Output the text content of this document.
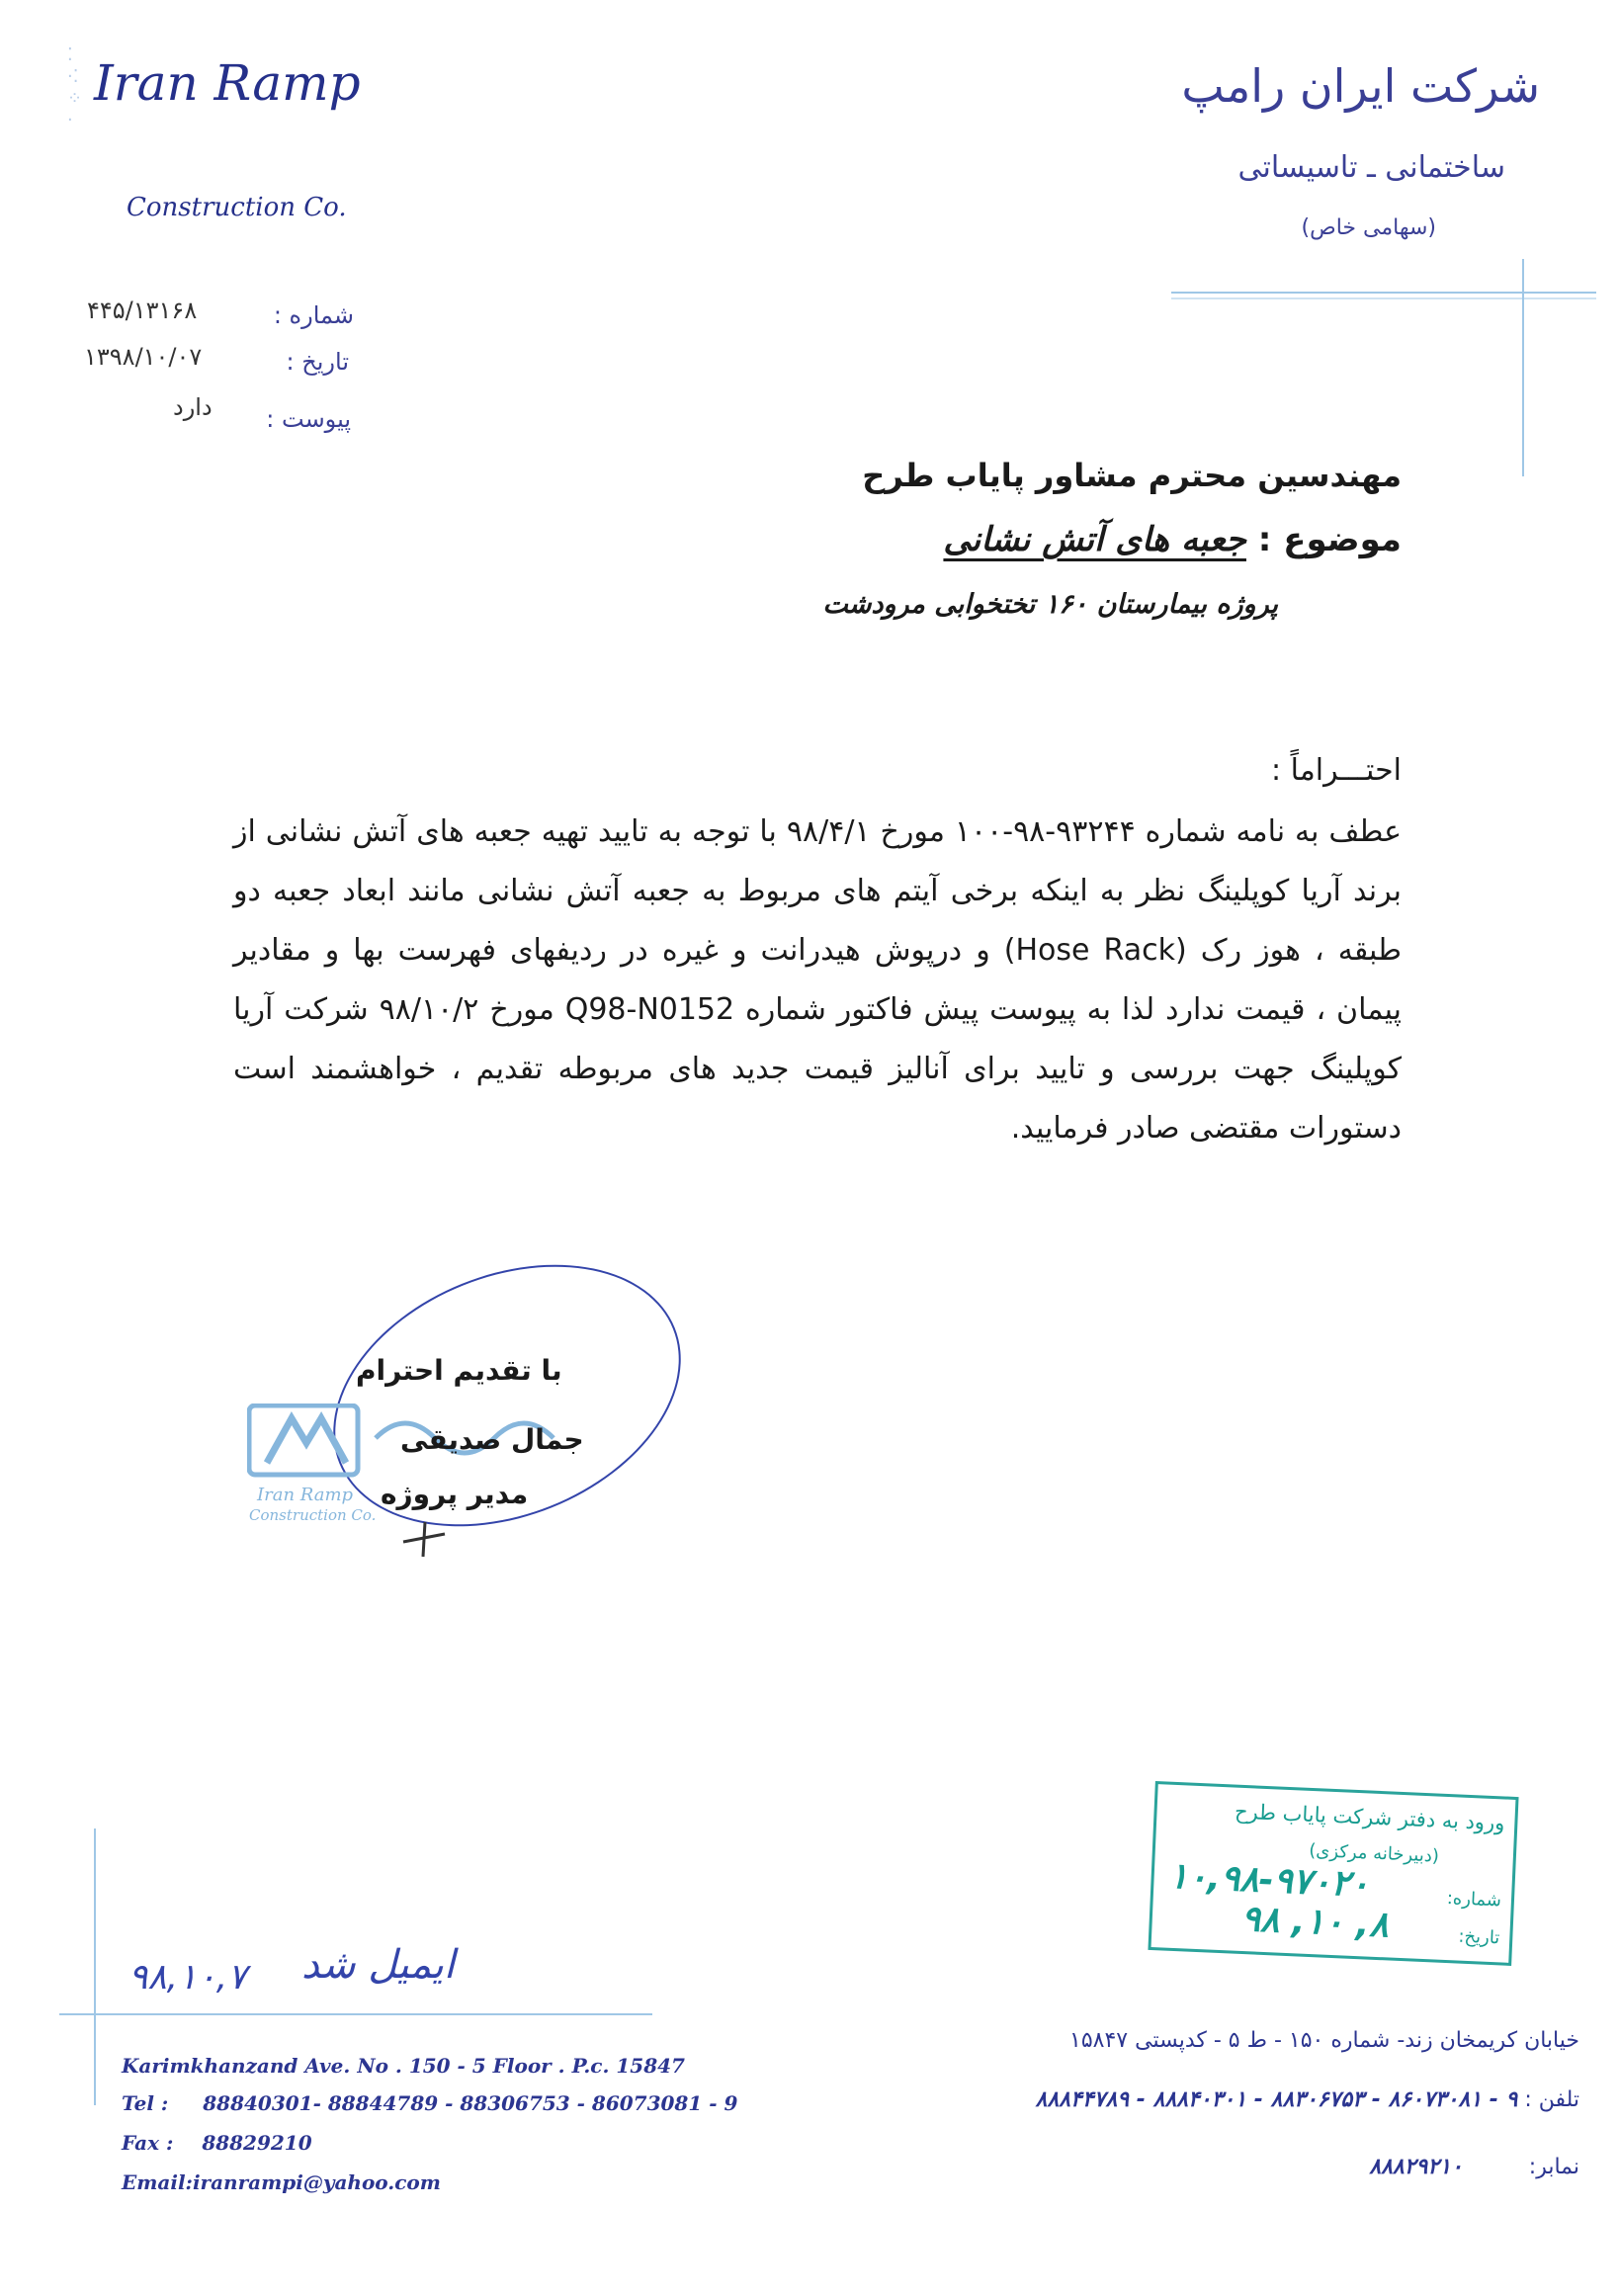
Iran Ramp
Construction Co.
شرکت ایران رامپ
ساختمانی ـ تاسیساتی
(سهامی خاص)
⁚
·⁚
⁘
·
شماره :
۴۴۵/۱۳۱۶۸
تاریخ :
۱۳۹۸/۱۰/۰۷
پیوست :
دارد
مهندسین محترم مشاور پایاب طرح
موضوع : جعبه های آتش نشانی
پروژه بیمارستان ۱۶۰ تختخوابی مرودشت
احتـــراماً :
عطف به نامه شماره ۹۳۲۴۴-۹۸-۱۰۰ مورخ ۹۸/۴/۱ با توجه به تایید تهیه جعبه های آتش نشانی از برند آریا کوپلینگ نظر به اینکه برخی آیتم های مربوط به جعبه آتش نشانی مانند ابعاد جعبه دو طبقه ، هوز رک (Hose Rack) و درپوش هیدرانت و غیره در ردیفهای فهرست بها و مقادیر پیمان ، قیمت ندارد لذا به پیوست پیش فاکتور شماره Q98-N0152 مورخ ۹۸/۱۰/۲ شرکت آریا کوپلینگ جهت بررسی و تایید برای آنالیز قیمت جدید های مربوطه تقدیم ، خواهشمند است دستورات مقتضی صادر فرمایید.
Iran Ramp
Construction Co.
با تقدیم احترام
جمال صدیقی
مدیر پروژه
ورود به دفتر شرکت پایاب طرح
(دبیرخانه مرکزی)
شماره:
۱۰,۹۸-۹۷۰۲۰
تاریخ:
۹۸ ,۱۰ ,۸
۹۸,۱۰,۷ ایمیل شد
Karimkhanzand Ave. No . 150 - 5 Floor . P.c. 15847
Tel : 88840301- 88844789 - 88306753 - 86073081 - 9
Fax : 88829210
Email:iranrampi@yahoo.com
خیابان کریمخان زند- شماره ۱۵۰ - ط ۵ - کدپستی ۱۵۸۴۷
تلفن : ۹ - ۸۶۰۷۳۰۸۱ - ۸۸۳۰۶۷۵۳ - ۸۸۸۴۰۳۰۱ - ۸۸۸۴۴۷۸۹
نمابر: ۸۸۸۲۹۲۱۰
